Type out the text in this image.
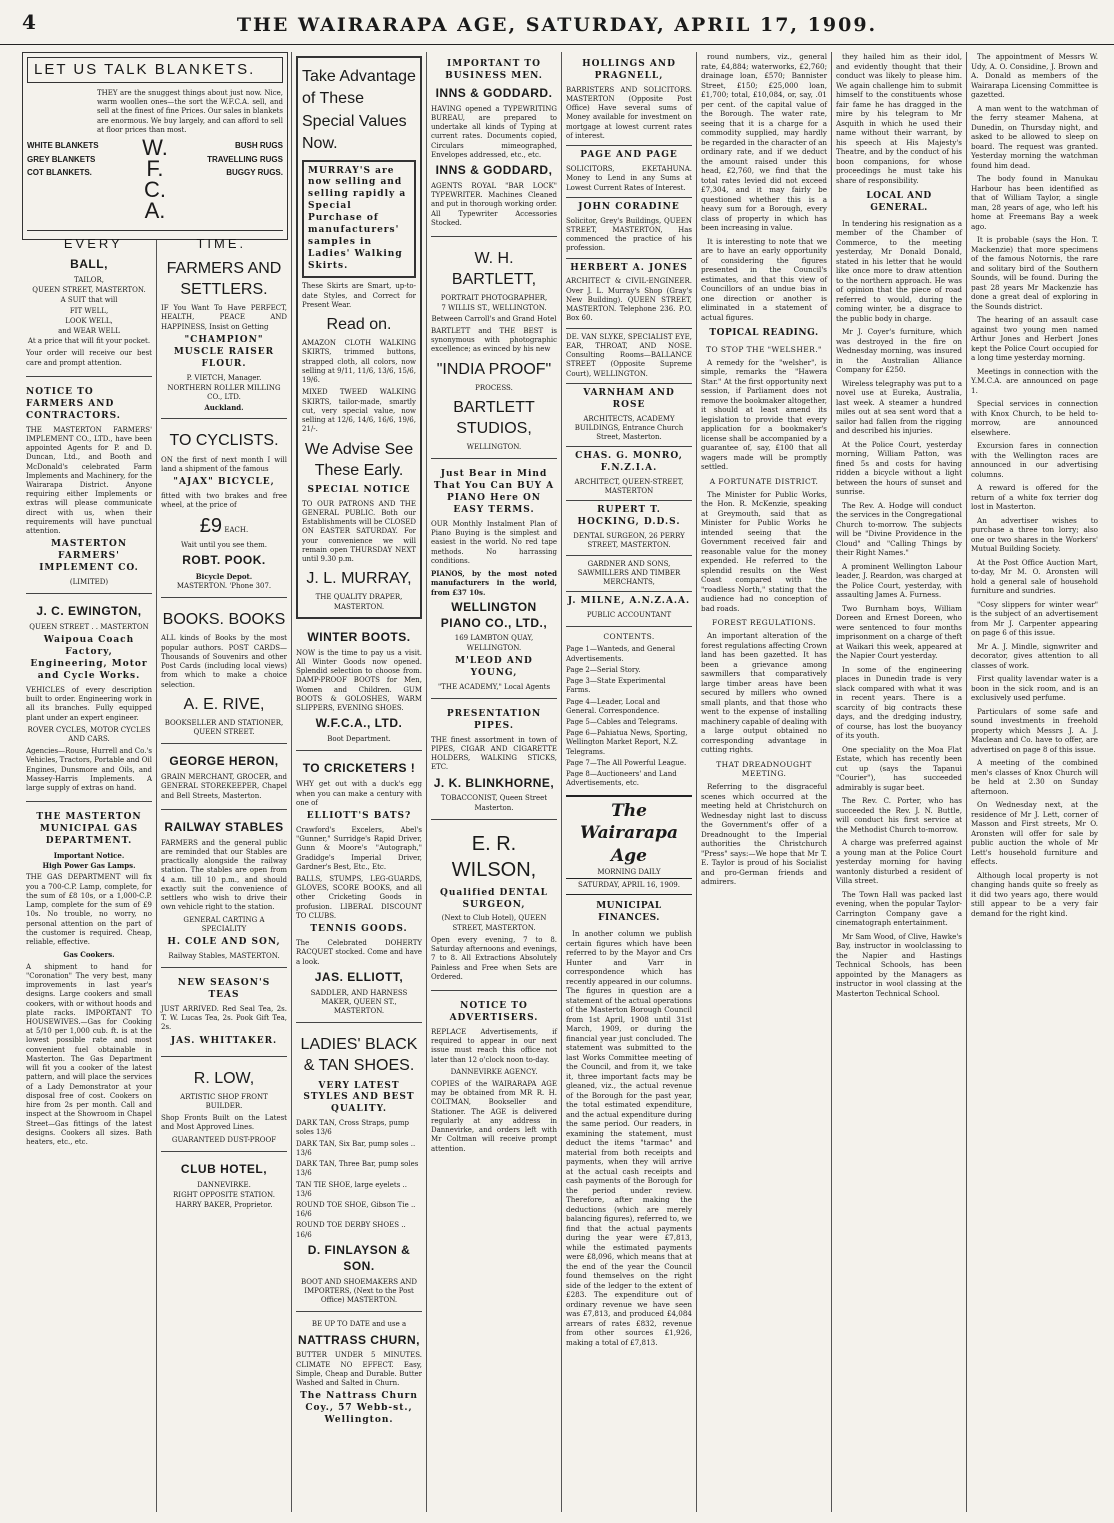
4	THE WAIRARAPA AGE, SATURDAY, APRIL 17, 1909.
LET US TALK BLANKETS.
THEY are the snuggest things about just now. Nice, warm woollen ones—the sort the W.F.C.A. sell, and sell at the finest of fine Prices. Our sales in blankets are enormous. We buy largely, and can afford to sell at floor prices than most.
WHITE BLANKETS
GREY BLANKETS
COT BLANKETS.
W.
F.
C.
A.
BUSH RUGS
TRAVELLING RUGS
BUGGY RUGS.
EVERY	TIME.
BALL,
TAILOR,
QUEEN STREET, MASTERTON.
A SUIT that will
FIT WELL,
LOOK WELL,
and WEAR WELL
At a price that will fit your pocket.
Your order will receive our best care and prompt attention.
NOTICE TO FARMERS AND CONTRACTORS.
THE MASTERTON FARMERS' IMPLEMENT CO., LTD., have been appointed Agents for P. and D. Duncan, Ltd., and Booth and McDonald's celebrated Farm Implements and Machinery, for the Wairarapa District. Anyone requiring either Implements or extras will please communicate direct with us, when their requirements will have punctual attention.
MASTERTON FARMERS' IMPLEMENT CO.
(LIMITED)
J. C. EWINGTON,
QUEEN STREET . . MASTERTON
Waipoua Coach Factory, Engineering, Motor and Cycle Works.
VEHICLES of every description built to order. Engineering work in all its branches. Fully equipped plant under an expert engineer.
ROVER CYCLES, MOTOR CYCLES AND CARS.
Agencies—Rouse, Hurrell and Co.'s Vehicles, Tractors, Portable and Oil Engines, Dunsmore and Oils, and Massey-Harris Implements. A large supply of extras on hand.
THE MASTERTON MUNICIPAL GAS DEPARTMENT.
Important Notice.
High Power Gas Lamps.
THE GAS DEPARTMENT will fix you a 700-C.P. Lamp, complete, for the sum of £8 10s, or a 1,000-C.P. Lamp, complete for the sum of £9 10s. No trouble, no worry, no personal attention on the part of the customer is required. Cheap, reliable, effective.
Gas Cookers.
A shipment to hand for "Coronation" The very best, many improvements in last year's designs. Large cookers and small cookers, with or without hoods and plate racks. IMPORTANT TO HOUSEWIVES.—Gas for Cooking at 5/10 per 1,000 cub. ft. is at the lowest possible rate and most convenient fuel obtainable in Masterton. The Gas Department will fit you a cooker of the latest pattern, and will place the services of a Lady Demonstrator at your disposal free of cost. Cookers on hire from 2s per month. Call and inspect at the Showroom in Chapel Street—Gas fittings of the latest designs. Cookers all sizes. Bath heaters, etc., etc.
FARMERS AND SETTLERS.
IF You Want To Have PERFECT, HEALTH, PEACE AND HAPPINESS, Insist on Getting
"CHAMPION" MUSCLE RAISER FLOUR.
P. VIETCH, Manager.
NORTHERN ROLLER MILLING CO., LTD.
Auckland.
TO CYCLISTS.
ON the first of next month I will land a shipment of the famous
"AJAX" BICYCLE,
fitted with two brakes and free wheel, at the price of
£9 EACH.
Wait until you see them.
ROBT. POOK.
Bicycle Depot.
MASTERTON. 'Phone 307.
BOOKS. BOOKS
ALL kinds of Books by the most popular authors. POST CARDS—Thousands of Souvenirs and other Post Cards (including local views) from which to make a choice selection.
A. E. RIVE,
BOOKSELLER AND STATIONER, QUEEN STREET.
GEORGE HERON,
GRAIN MERCHANT, GROCER, and GENERAL STOREKEEPER, Chapel and Bell Streets, Masterton.
RAILWAY STABLES
FARMERS and the general public are reminded that our Stables are practically alongside the railway station. The stables are open from 4 a.m. till 10 p.m., and should exactly suit the convenience of settlers who wish to drive their own vehicle right to the station.
GENERAL CARTING A SPECIALITY
H. COLE AND SON,
Railway Stables, MASTERTON.
NEW SEASON'S TEAS
JUST ARRIVED. Red Seal Tea, 2s. T. W. Lucas Tea, 2s. Pook Gift Tea, 2s.
JAS. WHITTAKER.
R. LOW,
ARTISTIC SHOP FRONT BUILDER.
Shop Fronts Built on the Latest and Most Approved Lines.
GUARANTEED DUST-PROOF
CLUB HOTEL,
DANNEVIRKE.
RIGHT OPPOSITE STATION.
HARRY BAKER, Proprietor.
Take Advantage of These Special Values Now.
MURRAY'S are now selling and selling rapidly a Special Purchase of manufacturers' samples in Ladies' Walking Skirts.
These Skirts are Smart, up-to-date Styles, and Correct for Present Wear.
Read on.
AMAZON CLOTH WALKING SKIRTS, trimmed buttons, strapped cloth, all colors, now selling at 9/11, 11/6, 13/6, 15/6, 19/6.
MIXED TWEED WALKING SKIRTS, tailor-made, smartly cut, very special value, now selling at 12/6, 14/6, 16/6, 19/6, 21/-.
We Advise See These Early.
SPECIAL NOTICE
TO OUR PATRONS AND THE GENERAL PUBLIC. Both our Establishments will be CLOSED ON EASTER SATURDAY. For your convenience we will remain open THURSDAY NEXT until 9.30 p.m.
J. L. MURRAY,
THE QUALITY DRAPER, MASTERTON.
WINTER BOOTS.
NOW is the time to pay us a visit. All Winter Goods now opened. Splendid selection to choose from. DAMP-PROOF BOOTS for Men, Women and Children. GUM BOOTS & GOLOSHES, WARM SLIPPERS, EVENING SHOES.
W.F.C.A., LTD.
Boot Department.
TO CRICKETERS !
WHY get out with a duck's egg when you can make a century with one of
ELLIOTT'S BATS?
Crawford's Excelers, Abel's "Gunner," Surridge's Rapid Driver, Gunn & Moore's "Autograph," Gradidge's Imperial Driver, Gardner's Best, Etc., Etc.
BALLS, STUMPS, LEG-GUARDS, GLOVES, SCORE BOOKS, and all other Cricketing Goods in profusion. LIBERAL DISCOUNT TO CLUBS.
TENNIS GOODS.
The Celebrated DOHERTY RACQUET stocked. Come and have a look.
JAS. ELLIOTT,
SADDLER, AND HARNESS MAKER, QUEEN ST., MASTERTON.
LADIES' BLACK & TAN SHOES.
VERY LATEST STYLES AND BEST QUALITY.
DARK TAN, Cross Straps, pump soles 13/6
DARK TAN, Six Bar, pump soles .. 13/6
DARK TAN, Three Bar, pump soles 13/6
TAN TIE SHOE, large eyelets .. 13/6
ROUND TOE SHOE, Gibson Tie .. 16/6
ROUND TOE DERBY SHOES .. 16/6
D. FINLAYSON & SON.
BOOT AND SHOEMAKERS AND IMPORTERS, (Next to the Post Office) MASTERTON.
BE UP TO DATE and use a
NATTRASS CHURN,
BUTTER UNDER 5 MINUTES. CLIMATE NO EFFECT. Easy, Simple, Cheap and Durable. Butter Washed and Salted in Churn.
The Nattrass Churn Coy., 57 Webb-st., Wellington.
IMPORTANT TO BUSINESS MEN.
INNS & GODDARD.
HAVING opened a TYPEWRITING BUREAU, are prepared to undertake all kinds of Typing at current rates. Documents copied, Circulars mimeographed, Envelopes addressed, etc., etc.
INNS & GODDARD,
AGENTS ROYAL "BAR LOCK" TYPEWRITER. Machines Cleaned and put in thorough working order. All Typewriter Accessories Stocked.
W. H. BARTLETT,
PORTRAIT PHOTOGRAPHER,
7 WILLIS ST., WELLINGTON.
Between Carroll's and Grand Hotel
BARTLETT and THE BEST is synonymous with photographic excellence; as evinced by his new
"INDIA PROOF"
PROCESS.
BARTLETT STUDIOS,
WELLINGTON.
Just Bear in Mind That You Can BUY A PIANO Here ON EASY TERMS.
OUR Monthly Instalment Plan of Piano Buying is the simplest and easiest in the world. No red tape methods. No harrassing conditions.
PIANOS, by the most noted manufacturers in the world, from £37 10s.
WELLINGTON PIANO CO., LTD.,
169 LAMBTON QUAY, WELLINGTON.
M'LEOD AND YOUNG,
"THE ACADEMY," Local Agents
PRESENTATION PIPES.
THE finest assortment in town of PIPES, CIGAR AND CIGARETTE HOLDERS, WALKING STICKS, ETC.
J. K. BLINKHORNE,
TOBACCONIST, Queen Street Masterton.
E. R. WILSON,
Qualified DENTAL SURGEON,
(Next to Club Hotel), QUEEN STREET, MASTERTON.
Open every evening, 7 to 8. Saturday afternoons and evenings, 7 to 8. All Extractions Absolutely Painless and Free when Sets are Ordered.
NOTICE TO ADVERTISERS.
REPLACE Advertisements, if required to appear in our next issue must reach this office not later than 12 o'clock noon to-day.
DANNEVIRKE AGENCY.
COPIES of the WAIRARAPA AGE may be obtained from MR R. H. COLTMAN, Bookseller and Stationer. The AGE is delivered regularly at any address in Dannevirke, and orders left with Mr Coltman will receive prompt attention.
HOLLINGS AND PRAGNELL,
BARRISTERS AND SOLICITORS. MASTERTON (Opposite Post Office) Have several sums of Money available for investment on mortgage at lowest current rates of interest.
PAGE AND PAGE
SOLICITORS, EKETAHUNA. Money to Lend in any Sums at Lowest Current Rates of Interest.
JOHN CORADINE
Solicitor, Grey's Buildings, QUEEN STREET, MASTERTON, Has commenced the practice of his profession.
HERBERT A. JONES
ARCHITECT & CIVIL-ENGINEER. Over J. L. Murray's Shop (Gray's New Building). QUEEN STREET, MASTERTON. Telephone 236. P.O. Box 60.
DE. VAN SLYKE, SPECIALIST EYE, EAR, THROAT, AND NOSE. Consulting Rooms—BALLANCE STREET (Opposite Supreme Court), WELLINGTON.
VARNHAM AND ROSE
ARCHITECTS, ACADEMY BUILDINGS, Entrance Church Street, Masterton.
CHAS. G. MONRO, F.N.Z.I.A.
ARCHITECT, QUEEN-STREET, MASTERTON
RUPERT T. HOCKING, D.D.S.
DENTAL SURGEON, 26 PERRY STREET, MASTERTON.
GARDNER AND SONS, SAWMILLERS AND TIMBER MERCHANTS,
J. MILNE, A.N.Z.A.A.
PUBLIC ACCOUNTANT
CONTENTS.
Page 1—Wanteds, and General Advertisements.
Page 2—Serial Story.
Page 3—State Experimental Farms.
Page 4—Leader, Local and General. Correspondence.
Page 5—Cables and Telegrams.
Page 6—Pahiatua News, Sporting, Wellington Market Report, N.Z. Telegrams.
Page 7—The All Powerful League.
Page 8—Auctioneers' and Land Advertisements, etc.
The Wairarapa Age
MORNING DAILY
SATURDAY, APRIL 16, 1909.
MUNICIPAL FINANCES.

In another column we publish certain figures which have been referred to by the Mayor and Crs Hunter and Varr in correspondence which has recently appeared in our columns. The figures in question are a statement of the actual operations of the Masterton Borough Council from 1st April, 1908 until 31st March, 1909, or during the financial year just concluded. The statement was submitted to the last Works Committee meeting of the Council, and from it, we take it, three important facts may be gleaned, viz., the actual revenue of the Borough for the past year, the total estimated expenditure, and the actual expenditure during the same period. Our readers, in examining the statement, must deduct the items "tarmac" and material from both receipts and payments, when they will arrive at the actual cash receipts and cash payments of the Borough for the period under review. Therefore, after making the deductions (which are merely balancing figures), referred to, we find that the actual payments during the year were £7,813, while the estimated payments were £8,096, which means that at the end of the year the Council found themselves on the right side of the ledger to the extent of £283. The expenditure out of ordinary revenue we have seen was £7,813, and produced £4,084 arrears of rates £832, revenue from other sources £1,926, making a total of £7,813.

round numbers, viz., general rate, £4,884; waterworks, £2,760; drainage loan, £570; Bannister Street, £150; £25,000 loan, £1,700; total, £10,084, or, say, .01 per cent. of the capital value of the Borough. The water rate, seeing that it is a charge for a commodity supplied, may hardly be regarded in the character of an ordinary rate, and if we deduct the amount raised under this head, £2,760, we find that the total rates levied did not exceed £7,304, and it may fairly be questioned whether this is a heavy sum for a Borough, every class of property in which has been increasing in value.

It is interesting to note that we are to have an early opportunity of considering the figures presented in the Council's estimates, and that this view of Councillors of an undue bias in one direction or another is eliminated in a statement of actual figures.

TOPICAL READING.
TO STOP THE "WELSHER."

A remedy for the "welsher", is simple, remarks the "Hawera Star." At the first opportunity next session, if Parliament does not remove the bookmaker altogether, it should at least amend its legislation to provide that every application for a bookmaker's license shall be accompanied by a guarantee of, say, £100 that all wagers made will be promptly settled.

A FORTUNATE DISTRICT.

The Minister for Public Works, the Hon. R. McKenzie, speaking at Greymouth, said that as Minister for Public Works he intended seeing that the Government received fair and reasonable value for the money expended. He referred to the splendid results on the West Coast compared with the "roadless North," stating that the audience had no conception of bad roads.

FOREST REGULATIONS.

An important alteration of the forest regulations affecting Crown land has been gazetted. It has been a grievance among sawmillers that comparatively large timber areas have been secured by millers who owned small plants, and that those who went to the expense of installing machinery capable of dealing with a large output obtained no corresponding advantage in cutting rights.

THAT DREADNOUGHT MEETING.

Referring to the disgraceful scenes which occurred at the meeting held at Christchurch on Wednesday night last to discuss the Government's offer of a Dreadnought to the Imperial authorities the Christchurch "Press" says:—We hope that Mr T. E. Taylor is proud of his Socialist and pro-German friends and admirers.

they hailed him as their idol, and evidently thought that their conduct was likely to please him. We again challenge him to submit himself to the constituents whose fair fame he has dragged in the mire by his telegram to Mr Asquith in which he used their name without their warrant, by his speech at His Majesty's Theatre, and by the conduct of his boon companions, for whose proceedings he must take his share of responsibility.

LOCAL AND GENERAL.

In tendering his resignation as a member of the Chamber of Commerce, to the meeting yesterday, Mr Donald Donald, stated in his letter that he would like once more to draw attention to the northern approach. He was of opinion that the piece of road referred to would, during the coming winter, be a disgrace to the public body in charge.

Mr J. Coyer's furniture, which was destroyed in the fire on Wednesday morning, was insured in the Australian Alliance Company for £250.

Wireless telegraphy was put to a novel use at Eureka, Australia, last week. A steamer a hundred miles out at sea sent word that a sailor had fallen from the rigging and described his injuries.

At the Police Court, yesterday morning, William Patton, was fined 5s and costs for having ridden a bicycle without a light between the hours of sunset and sunrise.

The Rev. A. Hodge will conduct the services in the Congregational Church to-morrow. The subjects will be "Divine Providence in the Cloud" and "Calling Things by their Right Names."

A prominent Wellington Labour leader, J. Reardon, was charged at the Police Court, yesterday, with assaulting James A. Furness.

Two Burnham boys, William Doreen and Ernest Doreen, who were sentenced to four months imprisonment on a charge of theft at Waikari this week, appeared at the Napier Court yesterday.

In some of the engineering places in Dunedin trade is very slack compared with what it was in recent years. There is a scarcity of big contracts these days, and the dredging industry, of course, has lost the buoyancy of its youth.

One speciality on the Moa Flat Estate, which has recently been cut up (says the Tapanui "Courier"), has succeeded admirably is sugar beet.

The Rev. C. Porter, who has succeeded the Rev. J. N. Buttle, will conduct his first service at the Methodist Church to-morrow.

A charge was preferred against a young man at the Police Court yesterday morning for having wantonly disturbed a resident of Villa street.

The Town Hall was packed last evening, when the popular Taylor-Carrington Company gave a cinematograph entertainment.

Mr Sam Wood, of Clive, Hawke's Bay, instructor in woolclassing to the Napier and Hastings Technical Schools, has been appointed by the Managers as instructor in wool classing at the Masterton Technical School.

The appointment of Messrs W. Udy, A. O. Considine, J. Brown and A. Donald as members of the Wairarapa Licensing Committee is gazetted.

A man went to the watchman of the ferry steamer Mahena, at Dunedin, on Thursday night, and asked to be allowed to sleep on board. The request was granted. Yesterday morning the watchman found him dead.

The body found in Manukau Harbour has been identified as that of William Taylor, a single man, 28 years of age, who left his home at Freemans Bay a week ago.

It is probable (says the Hon. T. Mackenzie) that more specimens of the famous Notornis, the rare and solitary bird of the Southern Sounds, will be found. During the past 28 years Mr Mackenzie has done a great deal of exploring in the Sounds district.

The hearing of an assault case against two young men named Arthur Jones and Herbert Jones kept the Police Court occupied for a long time yesterday morning.

Meetings in connection with the Y.M.C.A. are announced on page 1.

Special services in connection with Knox Church, to be held to-morrow, are announced elsewhere.

Excursion fares in connection with the Wellington races are announced in our advertising columns.

A reward is offered for the return of a white fox terrier dog lost in Masterton.

An advertiser wishes to purchase a three ton lorry; also one or two shares in the Workers' Mutual Building Society.

At the Post Office Auction Mart, to-day, Mr M. O. Aronsten will hold a general sale of household furniture and sundries.

"Cosy slippers for winter wear" is the subject of an advertisement from Mr J. Carpenter appearing on page 6 of this issue.

Mr A. J. Mindle, signwriter and decorator, gives attention to all classes of work.

First quality lavendar water is a boon in the sick room, and is an exclusively used perfume.

Particulars of some safe and sound investments in freehold property which Messrs J. A. J. Maclean and Co. have to offer, are advertised on page 8 of this issue.

A meeting of the combined men's classes of Knox Church will be held at 2.30 on Sunday afternoon.

On Wednesday next, at the residence of Mr J. Lett, corner of Masson and First streets, Mr O. Aronsten will offer for sale by public auction the whole of Mr Lett's household furniture and effects.

Although local property is not changing hands quite so freely as it did two years ago, there would still appear to be a very fair demand for the right kind.
